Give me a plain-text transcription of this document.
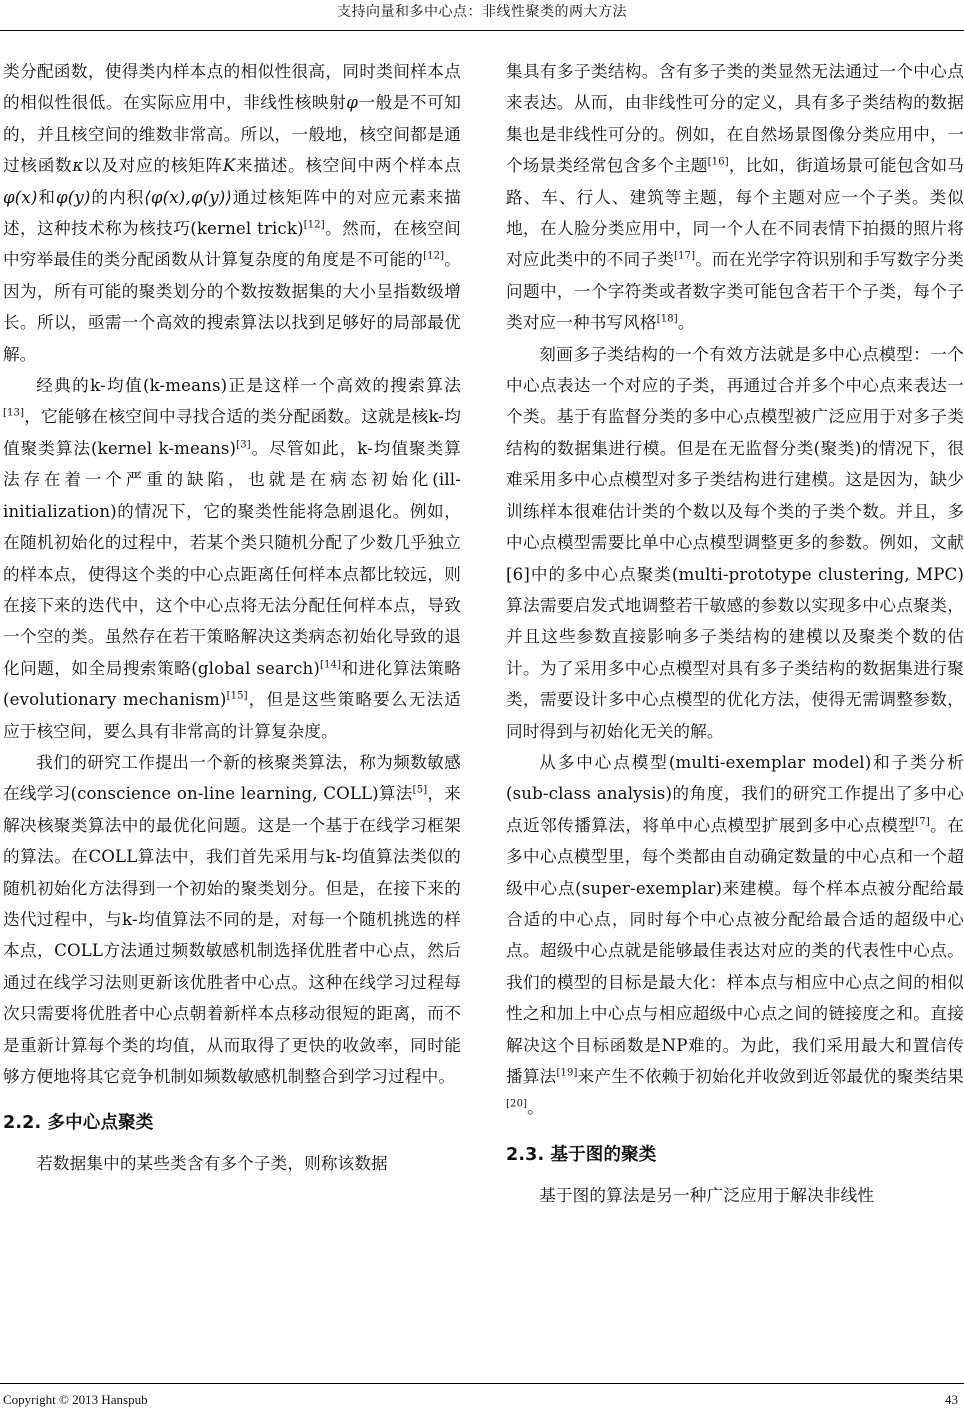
支持向量和多中心点：非线性聚类的两大方法

类分配函数，使得类内样本点的相似性很高，同时类间样本点的相似性很低。在实际应用中，非线性核映射φ一般是不可知的，并且核空间的维数非常高。所以，一般地，核空间都是通过核函数κ以及对应的核矩阵K来描述。核空间中两个样本点φ(x)和φ(y)的内积⟨φ(x),φ(y)⟩通过核矩阵中的对应元素来描述，这种技术称为核技巧(kernel trick)[12]。然而，在核空间中穷举最佳的类分配函数从计算复杂度的角度是不可能的[12]。因为，所有可能的聚类划分的个数按数据集的大小呈指数级增长。所以，亟需一个高效的搜索算法以找到足够好的局部最优解。

经典的k-均值(k-means)正是这样一个高效的搜索算法[13]，它能够在核空间中寻找合适的类分配函数。这就是核k-均值聚类算法(kernel k-means)[3]。尽管如此，k-均值聚类算法存在着一个严重的缺陷，也就是在病态初始化(ill-initialization)的情况下，它的聚类性能将急剧退化。例如，在随机初始化的过程中，若某个类只随机分配了少数几乎独立的样本点，使得这个类的中心点距离任何样本点都比较远，则在接下来的迭代中，这个中心点将无法分配任何样本点，导致一个空的类。虽然存在若干策略解决这类病态初始化导致的退化问题，如全局搜索策略(global search)[14]和进化算法策略(evolutionary mechanism)[15]，但是这些策略要么无法适应于核空间，要么具有非常高的计算复杂度。

我们的研究工作提出一个新的核聚类算法，称为频数敏感在线学习(conscience on-line learning, COLL)算法[5]，来解决核聚类算法中的最优化问题。这是一个基于在线学习框架的算法。在COLL算法中，我们首先采用与k-均值算法类似的随机初始化方法得到一个初始的聚类划分。但是，在接下来的迭代过程中，与k-均值算法不同的是，对每一个随机挑选的样本点，COLL方法通过频数敏感机制选择优胜者中心点，然后通过在线学习法则更新该优胜者中心点。这种在线学习过程每次只需要将优胜者中心点朝着新样本点移动很短的距离，而不是重新计算每个类的均值，从而取得了更快的收敛率，同时能够方便地将其它竞争机制如频数敏感机制整合到学习过程中。

2.2. 多中心点聚类

若数据集中的某些类含有多个子类，则称该数据

集具有多子类结构。含有多子类的类显然无法通过一个中心点来表达。从而，由非线性可分的定义，具有多子类结构的数据集也是非线性可分的。例如，在自然场景图像分类应用中，一个场景类经常包含多个主题[16]，比如，街道场景可能包含如马路、车、行人、建筑等主题，每个主题对应一个子类。类似地，在人脸分类应用中，同一个人在不同表情下拍摄的照片将对应此类中的不同子类[17]。而在光学字符识别和手写数字分类问题中，一个字符类或者数字类可能包含若干个子类，每个子类对应一种书写风格[18]。

刻画多子类结构的一个有效方法就是多中心点模型：一个中心点表达一个对应的子类，再通过合并多个中心点来表达一个类。基于有监督分类的多中心点模型被广泛应用于对多子类结构的数据集进行模。但是在无监督分类(聚类)的情况下，很难采用多中心点模型对多子类结构进行建模。这是因为，缺少训练样本很难估计类的个数以及每个类的子类个数。并且，多中心点模型需要比单中心点模型调整更多的参数。例如，文献[6]中的多中心点聚类(multi-prototype clustering, MPC)算法需要启发式地调整若干敏感的参数以实现多中心点聚类，并且这些参数直接影响多子类结构的建模以及聚类个数的估计。为了采用多中心点模型对具有多子类结构的数据集进行聚类，需要设计多中心点模型的优化方法，使得无需调整参数，同时得到与初始化无关的解。

从多中心点模型(multi-exemplar model)和子类分析(sub-class analysis)的角度，我们的研究工作提出了多中心点近邻传播算法，将单中心点模型扩展到多中心点模型[7]。在多中心点模型里，每个类都由自动确定数量的中心点和一个超级中心点(super-exemplar)来建模。每个样本点被分配给最合适的中心点，同时每个中心点被分配给最合适的超级中心点。超级中心点就是能够最佳表达对应的类的代表性中心点。我们的模型的目标是最大化：样本点与相应中心点之间的相似性之和加上中心点与相应超级中心点之间的链接度之和。直接解决这个目标函数是NP难的。为此，我们采用最大和置信传播算法[19]来产生不依赖于初始化并收敛到近邻最优的聚类结果[20]。

2.3. 基于图的聚类

基于图的算法是另一种广泛应用于解决非线性

Copyright © 2013 Hanspub	43
